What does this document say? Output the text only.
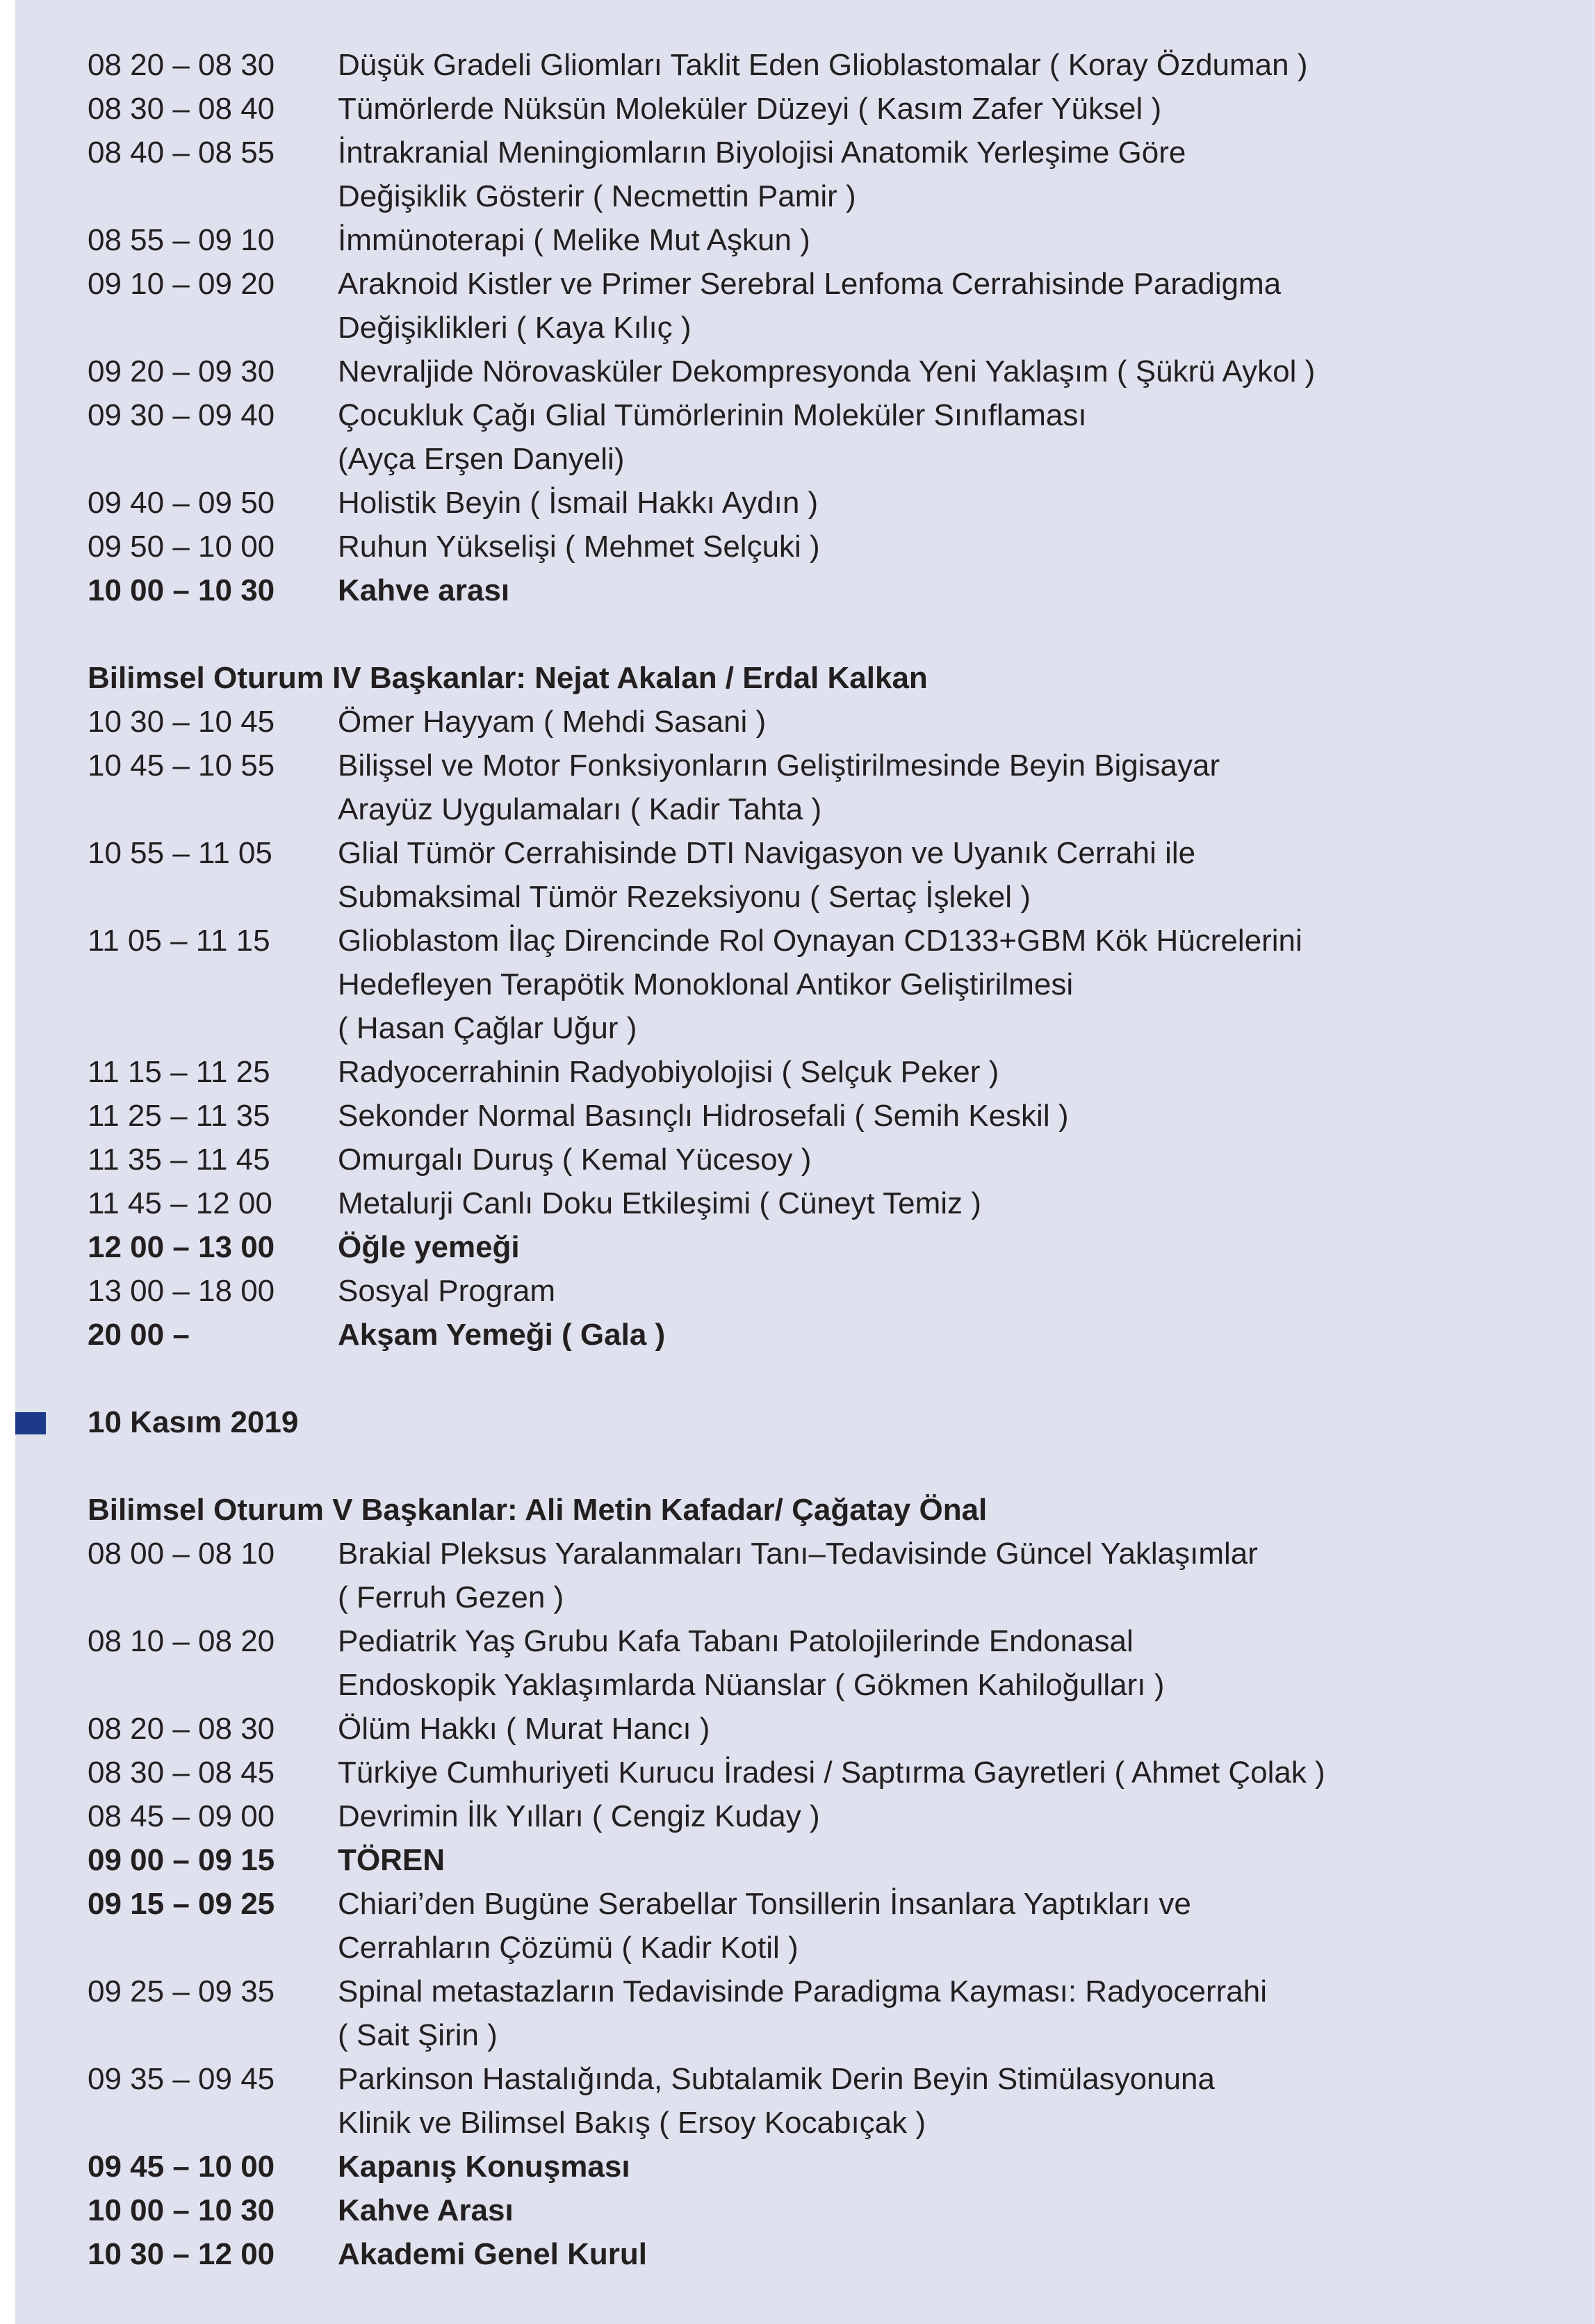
08 20 – 08 30	Düşük Gradeli Gliomları Taklit Eden Glioblastomalar ( Koray Özduman )
08 30 – 08 40	Tümörlerde Nüksün Moleküler Düzeyi ( Kasım Zafer Yüksel )
08 40 – 08 55	İntrakranial Meningiomların Biyolojisi Anatomik Yerleşime Göre
Değişiklik Gösterir ( Necmettin Pamir )
08 55 – 09 10	İmmünoterapi ( Melike Mut Aşkun )
09 10 – 09 20	Araknoid Kistler ve Primer Serebral Lenfoma Cerrahisinde Paradigma
Değişiklikleri ( Kaya Kılıç )
09 20 – 09 30	Nevraljide Nörovasküler Dekompresyonda Yeni Yaklaşım ( Şükrü Aykol )
09 30 – 09 40	Çocukluk Çağı Glial Tümörlerinin Moleküler Sınıflaması
(Ayça Erşen Danyeli)
09 40 – 09 50	Holistik Beyin ( İsmail Hakkı Aydın )
09 50 – 10 00	Ruhun Yükselişi ( Mehmet Selçuki )
10 00 – 10 30	Kahve arası
Bilimsel Oturum IV Başkanlar: Nejat Akalan / Erdal Kalkan
10 30 – 10 45	Ömer Hayyam ( Mehdi Sasani )
10 45 – 10 55	Bilişsel ve Motor Fonksiyonların Geliştirilmesinde Beyin Bigisayar
Arayüz Uygulamaları ( Kadir Tahta )
10 55 – 11 05	Glial Tümör Cerrahisinde DTI Navigasyon ve Uyanık Cerrahi ile
Submaksimal Tümör Rezeksiyonu ( Sertaç İşlekel )
11 05 – 11 15	Glioblastom İlaç Direncinde Rol Oynayan CD133+GBM Kök Hücrelerini
Hedefleyen Terapötik Monoklonal Antikor Geliştirilmesi
( Hasan Çağlar Uğur )
11 15 – 11 25	Radyocerrahinin Radyobiyolojisi ( Selçuk Peker )
11 25 – 11 35	Sekonder Normal Basınçlı Hidrosefali ( Semih Keskil )
11 35 – 11 45	Omurgalı Duruş ( Kemal Yücesoy )
11 45 – 12 00	Metalurji Canlı Doku Etkileşimi ( Cüneyt Temiz )
12 00 – 13 00	Öğle yemeği
13 00 – 18 00	Sosyal Program
20 00 –	Akşam Yemeği ( Gala )
10 Kasım 2019
Bilimsel Oturum V Başkanlar: Ali Metin Kafadar/ Çağatay Önal
08 00 – 08 10	Brakial Pleksus Yaralanmaları Tanı–Tedavisinde Güncel Yaklaşımlar
( Ferruh Gezen )
08 10 – 08 20	Pediatrik Yaş Grubu Kafa Tabanı Patolojilerinde Endonasal
Endoskopik Yaklaşımlarda Nüanslar ( Gökmen Kahiloğulları )
08 20 – 08 30	Ölüm Hakkı ( Murat Hancı )
08 30 – 08 45	Türkiye Cumhuriyeti Kurucu İradesi / Saptırma Gayretleri ( Ahmet Çolak )
08 45 – 09 00	Devrimin İlk Yılları ( Cengiz Kuday )
09 00 – 09 15	TÖREN
09 15 – 09 25	Chiari’den Bugüne Serabellar Tonsillerin İnsanlara Yaptıkları ve
Cerrahların Çözümü ( Kadir Kotil )
09 25 – 09 35	Spinal metastazların Tedavisinde Paradigma Kayması: Radyocerrahi
( Sait Şirin )
09 35 – 09 45	Parkinson Hastalığında, Subtalamik Derin Beyin Stimülasyonuna
Klinik ve Bilimsel Bakış ( Ersoy Kocabıçak )
09 45 – 10 00	Kapanış Konuşması
10 00 – 10 30	Kahve Arası
10 30 – 12 00	Akademi Genel Kurul
